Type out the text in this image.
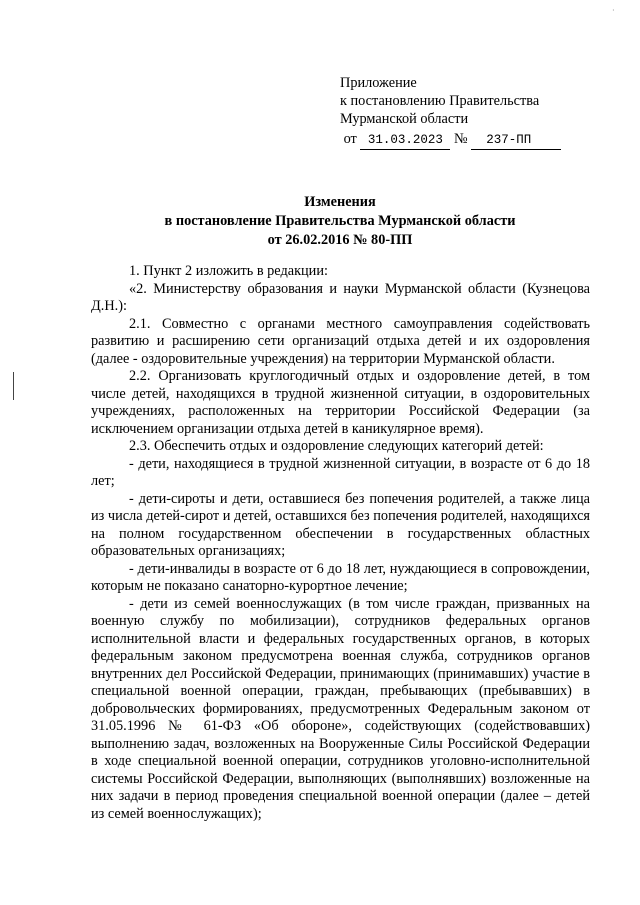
·
Приложение
к постановлению Правительства
Мурманской области
от 31.03.2023 № 237-ПП
Изменения
в постановление Правительства Мурманской области
от 26.02.2016 № 80-ПП

1. Пункт 2 изложить в редакции:

«2. Министерству образования и науки Мурманской области (Кузнецова Д.Н.):

2.1. Совместно с органами местного самоуправления содействовать развитию и расширению сети организаций отдыха детей и их оздоровления (далее - оздоровительные учреждения) на территории Мурманской области.

2.2. Организовать круглогодичный отдых и оздоровление детей, в том числе детей, находящихся в трудной жизненной ситуации, в оздоровительных учреждениях, расположенных на территории Российской Федерации (за исключением организации отдыха детей в каникулярное время).

2.3. Обеспечить отдых и оздоровление следующих категорий детей:

- дети, находящиеся в трудной жизненной ситуации, в возрасте от 6 до 18 лет;

- дети-сироты и дети, оставшиеся без попечения родителей, а также лица из числа детей-сирот и детей, оставшихся без попечения родителей, находящихся на полном государственном обеспечении в государственных областных образовательных организациях;

- дети-инвалиды в возрасте от 6 до 18 лет, нуждающиеся в сопровождении, которым не показано санаторно-курортное лечение;

- дети из семей военнослужащих (в том числе граждан, призванных на военную службу по мобилизации), сотрудников федеральных органов исполнительной власти и федеральных государственных органов, в которых федеральным законом предусмотрена военная служба, сотрудников органов внутренних дел Российской Федерации, принимающих (принимавших) участие в специальной военной операции, граждан, пребывающих (пребывавших) в добровольческих формированиях, предусмотренных Федеральным законом от 31.05.1996 № 61-ФЗ «Об обороне», содействующих (содействовавших) выполнению задач, возложенных на Вооруженные Силы Российской Федерации в ходе специальной военной операции, сотрудников уголовно-исполнительной системы Российской Федерации, выполняющих (выполнявших) возложенные на них задачи в период проведения специальной военной операции (далее – детей из семей военнослужащих);
